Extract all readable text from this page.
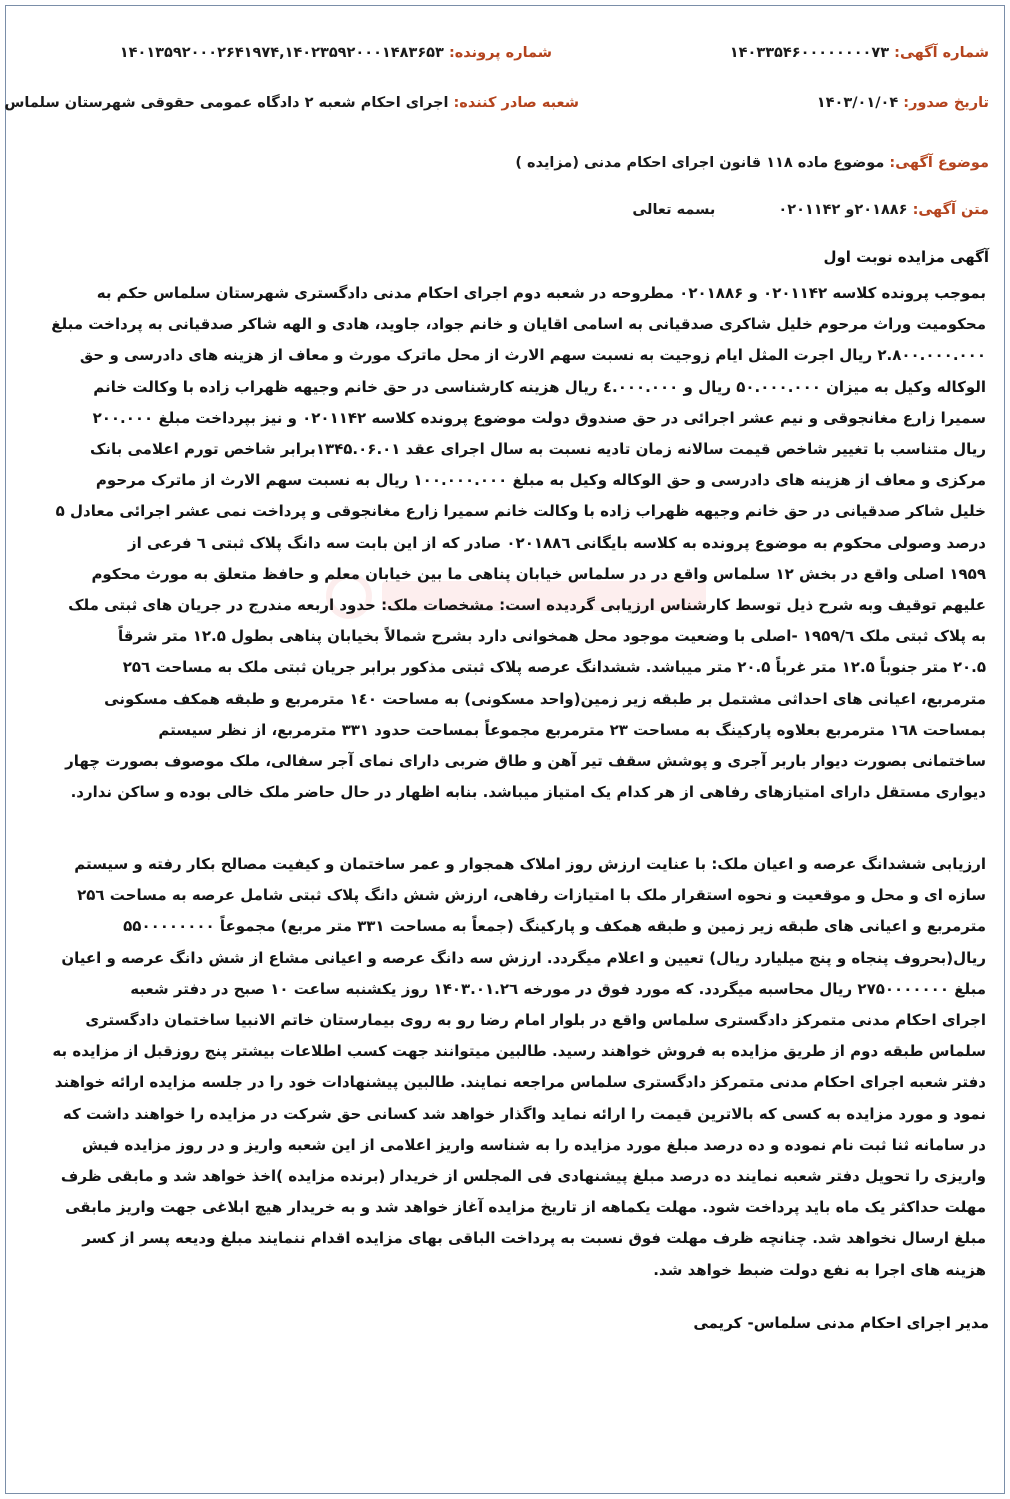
شماره آگهی: ۱۴۰۳۳۵۴۶۰۰۰۰۰۰۰۰۷۳
شماره پرونده: ۱۴۰۱۳۵۹۲۰۰۰۲۶۴۱۹۷۴,۱۴۰۲۳۵۹۲۰۰۰۱۴۸۳۶۵۳
تاریخ صدور: ۱۴۰۳/۰۱/۰۴
شعبه صادر کننده: اجرای احکام شعبه ۲ دادگاه عمومی حقوقی شهرستان سلماس
موضوع آگهی: موضوع ماده ۱۱۸ قانون اجرای احکام مدنی (مزایده )
متن آگهی: ۲۰۱۸۸۶و ۰۲۰۱۱۴۲ بسمه تعالی
آگهی مزایده نوبت اول
بموجب پرونده کلاسه ۰۲۰۱۱۴۲ و ۰۲۰۱۸۸۶ مطروحه در شعبه دوم اجرای احکام مدنی دادگستری شهرستان سلماس حکم به
محکومیت وراث مرحوم خلیل شاکری صدقیانی به اسامی اقایان و خانم جواد، جاوید، هادی و الهه شاکر صدقیانی به پرداخت مبلغ
۲.۸۰۰.۰۰۰.۰۰۰ ریال اجرت المثل ایام زوجیت به نسبت سهم الارث از محل ماترک مورث و معاف از هزینه های دادرسی و حق
الوکاله وکیل به میزان ۵۰.۰۰۰.۰۰۰ ریال و ٤.۰۰۰.۰۰۰ ریال هزینه کارشناسی در حق خانم وجیهه ظهراب زاده با وکالت خانم
سمیرا زارع مغانجوقی و نیم عشر اجرائی در حق صندوق دولت موضوع پرونده کلاسه ۰۲۰۱۱۴۲ و نیز بپرداخت مبلغ ۲۰۰.۰۰۰
ریال متناسب با تغییر شاخص قیمت سالانه زمان تادیه نسبت به سال اجرای عقد ۱۳۴۵.۰۶.۰۱برابر شاخص تورم اعلامی بانک
مرکزی و معاف از هزینه های دادرسی و حق الوکاله وکیل به مبلغ ۱۰۰.۰۰۰.۰۰۰ ریال به نسبت سهم الارث از ماترک مرحوم
خلیل شاکر صدقیانی در حق خانم وجیهه ظهراب زاده با وکالت خانم سمیرا زارع مغانجوقی و پرداخت نمی عشر اجرائی معادل ۵
درصد وصولی محکوم به موضوع پرونده به کلاسه بایگانی ۰۲۰۱۸۸٦ صادر که از این بابت سه دانگ پلاک ثبتی ٦ فرعی از
۱۹۵۹ اصلی واقع در بخش ۱۲ سلماس واقع در در سلماس خیابان پناهی ما بین خیابان معلم و حافظ متعلق به مورث محکوم
علیهم توقیف وبه شرح ذیل توسط کارشناس ارزیابی گردیده است: مشخصات ملک: حدود اربعه مندرج در جریان های ثبتی ملک
به پلاک ثبتی ملک ۱۹۵۹/٦ -اصلی با وضعیت موجود محل همخوانی دارد بشرح شمالاً بخیابان پناهی بطول ۱۲.۵ متر شرقاً
۲۰.۵ متر جنوباً ۱۲.۵ متر غرباً ۲۰.۵ متر میباشد. ششدانگ عرصه پلاک ثبتی مذکور برابر جریان ثبتی ملک به مساحت ۲۵٦
مترمربع، اعیانی های احداثی مشتمل بر طبقه زیر زمین(واحد مسکونی) به مساحت ۱٤۰ مترمربع و طبقه همکف مسکونی
بمساحت ۱٦۸ مترمربع بعلاوه پارکینگ به مساحت ۲۳ مترمربع مجموعاً بمساحت حدود ۳۳۱ مترمربع، از نظر سیستم
ساختمانی بصورت دیوار باربر آجری و پوشش سقف تیر آهن و طاق ضربی دارای نمای آجر سفالی، ملک موصوف بصورت چهار
دیواری مستقل دارای امتیازهای رفاهی از هر کدام یک امتیاز میباشد. بنابه اظهار در حال حاضر ملک خالی بوده و ساکن ندارد.
ارزیابی ششدانگ عرصه و اعیان ملک: با عنایت ارزش روز املاک همجوار و عمر ساختمان و کیفیت مصالح بکار رفته و سیستم
سازه ای و محل و موقعیت و نحوه استقرار ملک با امتیازات رفاهی، ارزش شش دانگ پلاک ثبتی شامل عرصه به مساحت ۲۵٦
مترمربع و اعیانی های طبقه زیر زمین و طبقه همکف و پارکینگ (جمعاً به مساحت ۳۳۱ متر مربع) مجموعاً ۵۵۰۰۰۰۰۰۰۰
ریال(بحروف پنجاه و پنج میلیارد ریال) تعیین و اعلام میگردد. ارزش سه دانگ عرصه و اعیانی مشاع از شش دانگ عرصه و اعیان
مبلغ ۲۷۵۰۰۰۰۰۰۰ ریال محاسبه میگردد. که مورد فوق در مورخه ۱۴۰۳.۰۱.۲٦ روز یکشنبه ساعت ۱۰ صبح در دفتر شعبه
اجرای احکام مدنی متمرکز دادگستری سلماس واقع در بلوار امام رضا رو به روی بیمارستان خاتم الانبیا ساختمان دادگستری
سلماس طبقه دوم از طریق مزایده به فروش خواهند رسید. طالبین میتوانند جهت کسب اطلاعات بیشتر پنج روزقبل از مزایده به
دفتر شعبه اجرای احکام مدنی متمرکز دادگستری سلماس مراجعه نمایند. طالبین پیشنهادات خود را در جلسه مزایده ارائه خواهند
نمود و مورد مزایده به کسی که بالاترین قیمت را ارائه نماید واگذار خواهد شد کسانی حق شرکت در مزایده را خواهند داشت که
در سامانه ثنا ثبت نام نموده و ده درصد مبلغ مورد مزایده را به شناسه واریز اعلامی از این شعبه واریز و در روز مزایده فیش
واریزی را تحویل دفتر شعبه نمایند ده درصد مبلغ پیشنهادی فی المجلس از خریدار (برنده مزایده )اخذ خواهد شد و مابقی ظرف
مهلت حداکثر یک ماه باید پرداخت شود. مهلت یکماهه از تاریخ مزایده آغاز خواهد شد و به خریدار هیچ ابلاغی جهت واریز مابقی
مبلغ ارسال نخواهد شد. چنانچه ظرف مهلت فوق نسبت به پرداخت الباقی بهای مزایده اقدام ننمایند مبلغ ودیعه پسر از کسر
هزینه های اجرا به نفع دولت ضبط خواهد شد.
مدیر اجرای احکام مدنی سلماس- کریمی
